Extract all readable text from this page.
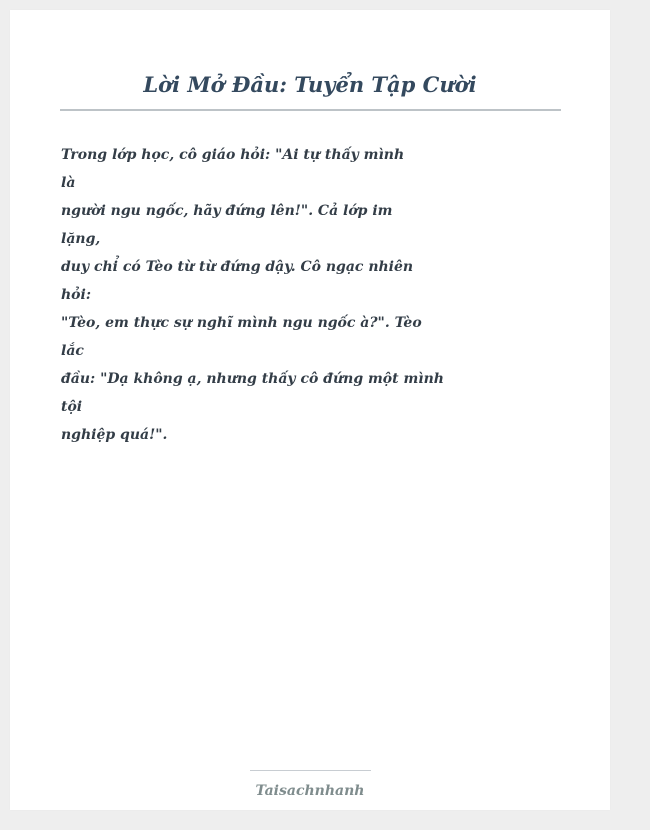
Lời Mở Đầu: Tuyển Tập Cười
Trong lớp học, cô giáo hỏi: "Ai tự thấy mình
là
người ngu ngốc, hãy đứng lên!". Cả lớp im
lặng,
duy chỉ có Tèo từ từ đứng dậy. Cô ngạc nhiên
hỏi:
"Tèo, em thực sự nghĩ mình ngu ngốc à?". Tèo
lắc
đầu: "Dạ không ạ, nhưng thấy cô đứng một mình
tội
nghiệp quá!".
Taisachnhanh
